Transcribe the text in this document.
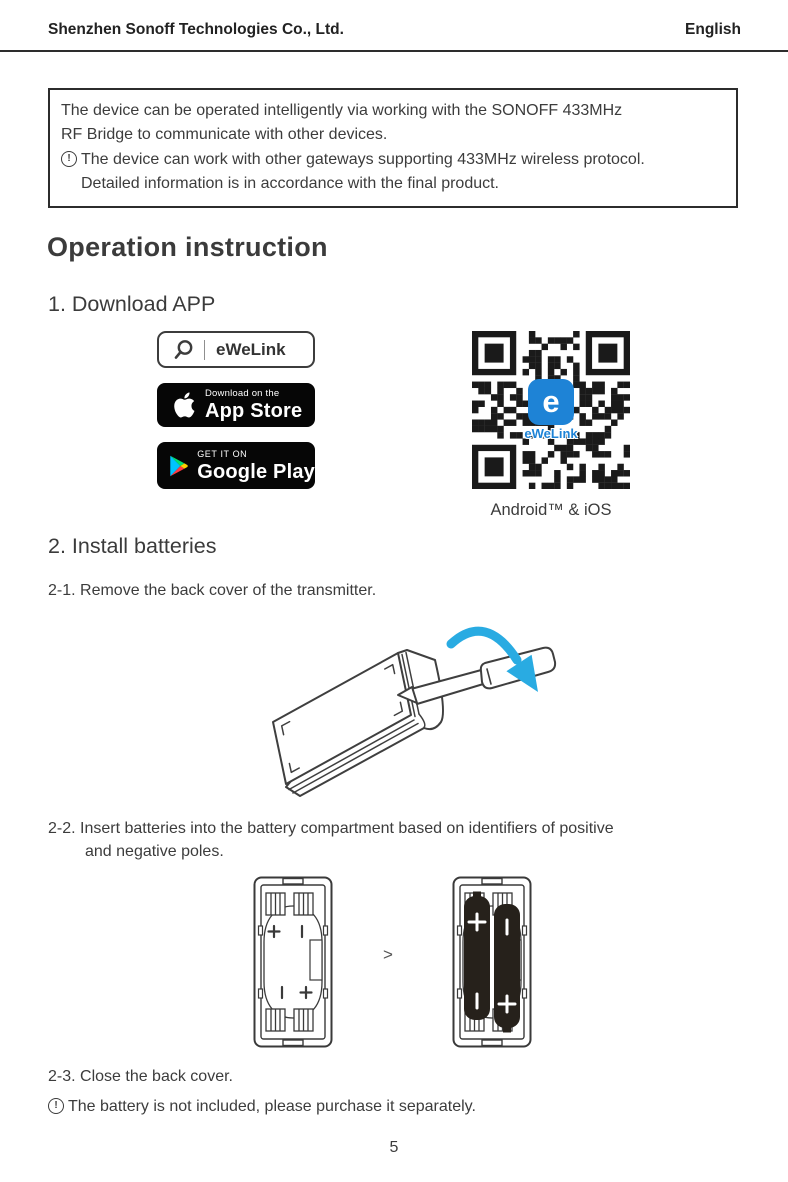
Shenzhen Sonoff Technologies Co., Ltd.	English
The device can be operated intelligently via working with the SONOFF 433MHz
RF Bridge to communicate with other devices.
! The device can work with other gateways supporting 433MHz wireless protocol.
Detailed information is in accordance with the final product.
Operation instruction
1. Download APP
eWeLink
Download on the
App Store
GET IT ON
Google Play
e
eWeLink
Android™ & iOS
2. Install batteries
2-1. Remove the back cover of the transmitter.
2-2. Insert batteries into the battery compartment based on identifiers of positive
and negative poles.
>
2-3. Close the back cover.
! The battery is not included, please purchase it separately.
5
